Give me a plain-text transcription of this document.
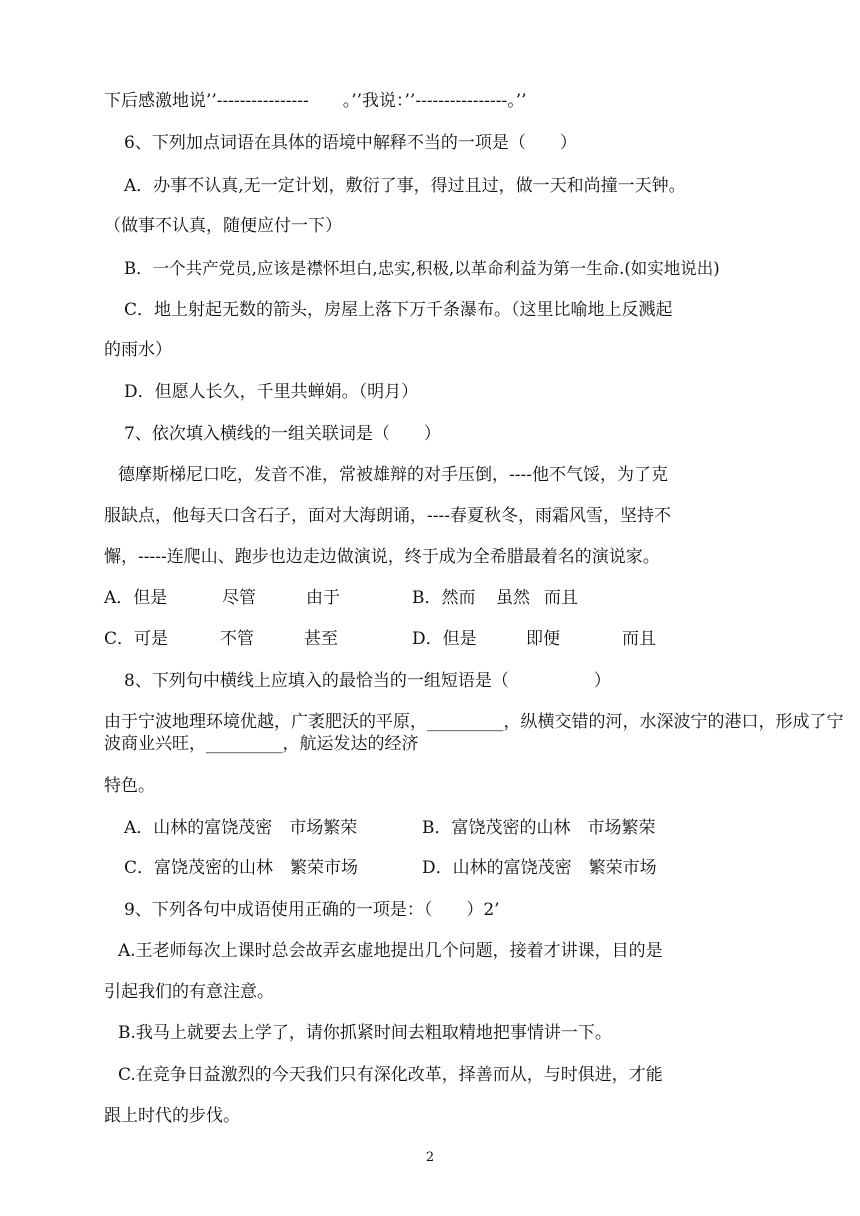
下后感激地说’’----------------　　。’’我说：’’----------------。’’
6、下列加点词语在具体的语境中解释不当的一项是（　　）
A．办事不认真,无一定计划，敷衍了事，得过且过，做一天和尚撞一天钟。
（做事不认真，随便应付一下）
B．一个共产党员,应该是襟怀坦白,忠实,积极,以革命利益为第一生命.(如实地说出)
C．地上射起无数的箭头，房屋上落下万千条瀑布。（这里比喻地上反溅起
的雨水）
D．但愿人长久，千里共蝉娟。（明月）
7、依次填入横线的一组关联词是（　　）
德摩斯梯尼口吃，发音不准，常被雄辩的对手压倒，----他不气馁，为了克
服缺点，他每天口含石子，面对大海朗诵，----春夏秋冬，雨霜风雪，坚持不
懈，-----连爬山、跑步也边走边做演说，终于成为全希腊最着名的演说家。
A．但是	尽管	由于	B．然而 虽然 而且
C．可是	不管	甚至	D．但是	即便	而且
8、下列句中横线上应填入的最恰当的一组短语是（　　　　　）
由于宁波地理环境优越，广袤肥沃的平原，_________，纵横交错的河，水深波宁的港口，形成了宁波商业兴旺，_________，航运发达的经济
特色。
A．山林的富饶茂密　市场繁荣	B．富饶茂密的山林　市场繁荣
C．富饶茂密的山林　繁荣市场	D．山林的富饶茂密　繁荣市场
9、下列各句中成语使用正确的一项是：（　　）2’
A.王老师每次上课时总会故弄玄虚地提出几个问题，接着才讲课，目的是
引起我们的有意注意。
B.我马上就要去上学了，请你抓紧时间去粗取精地把事情讲一下。
C.在竞争日益激烈的今天我们只有深化改革，择善而从，与时俱进，才能
跟上时代的步伐。
2
